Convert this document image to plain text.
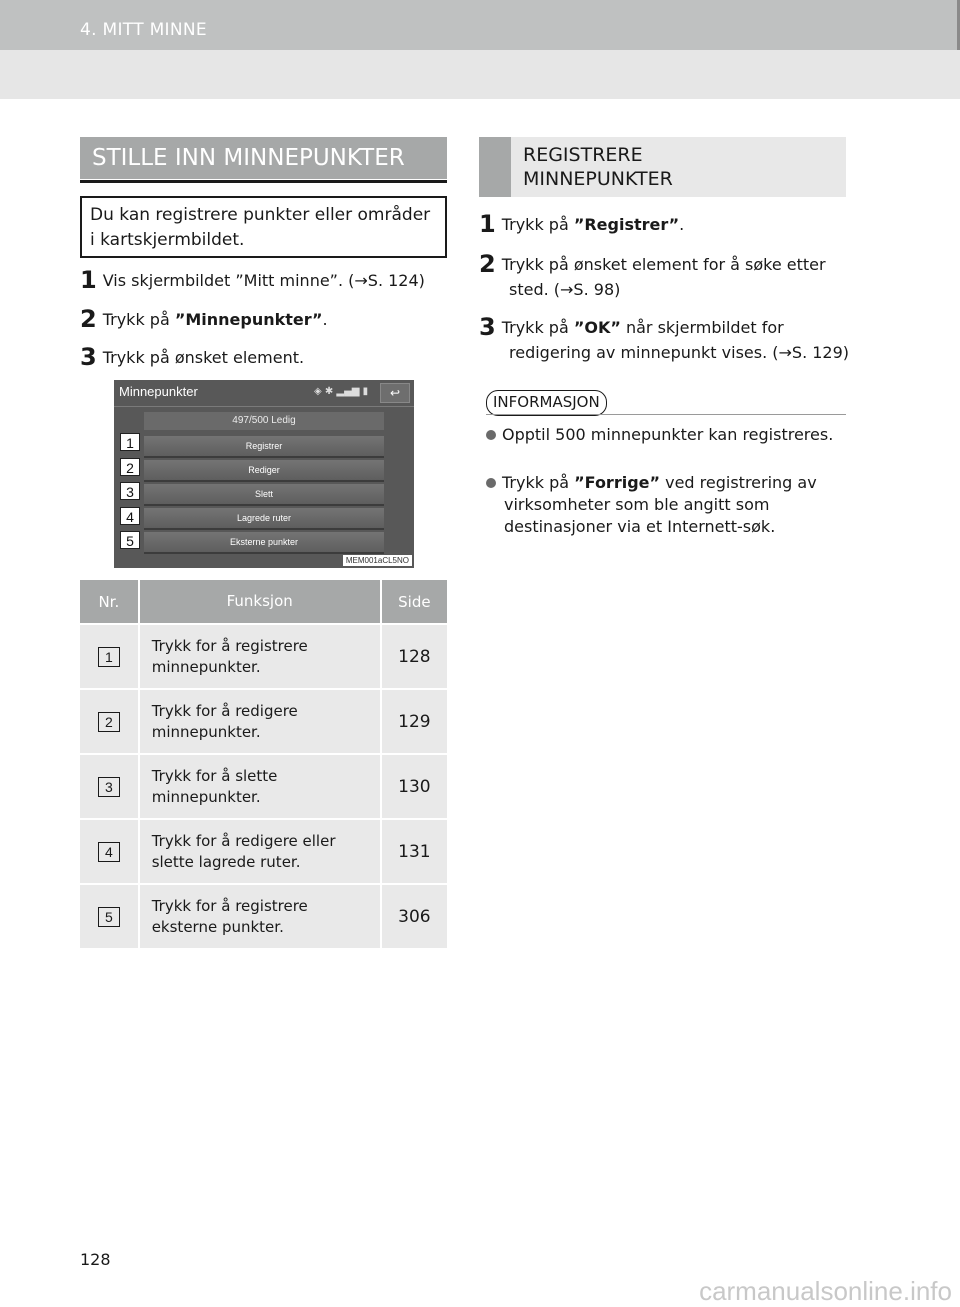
4. MITT MINNE
STILLE INN MINNEPUNKTER
Du kan registrere punkter eller områder i kartskjermbildet.
1 Vis skjermbildet ”Mitt minne”. (→S. 124)
2 Trykk på ”Minnepunkter”.
3 Trykk på ønsket element.
Minnepunkter	◈ ✱ ▂▄▆ ▮	↩
497/500 Ledig
Registrer
Rediger
Slett
Lagrede ruter
Eksterne punkter
1
2
3
4
5
MEM001aCL5NO
Nr.	Funksjon	Side
1	Trykk for å registrere minnepunkter.	128
2	Trykk for å redigere minnepunkter.	129
3	Trykk for å slette minnepunkter.	130
4	Trykk for å redigere eller slette lagrede ruter.	131
5	Trykk for å registrere eksterne punkter.	306
REGISTRERE
MINNEPUNKTER
1 Trykk på ”Registrer”.
2 Trykk på ønsket element for å søke etter sted. (→S. 98)
3 Trykk på ”OK” når skjermbildet for redigering av minnepunkt vises. (→S. 129)
INFORMASJON
Opptil 500 minnepunkter kan registreres.
Trykk på ”Forrige” ved registrering av virksomheter som ble angitt som destinasjoner via et Internett-søk.
128
carmanualsonline.info
